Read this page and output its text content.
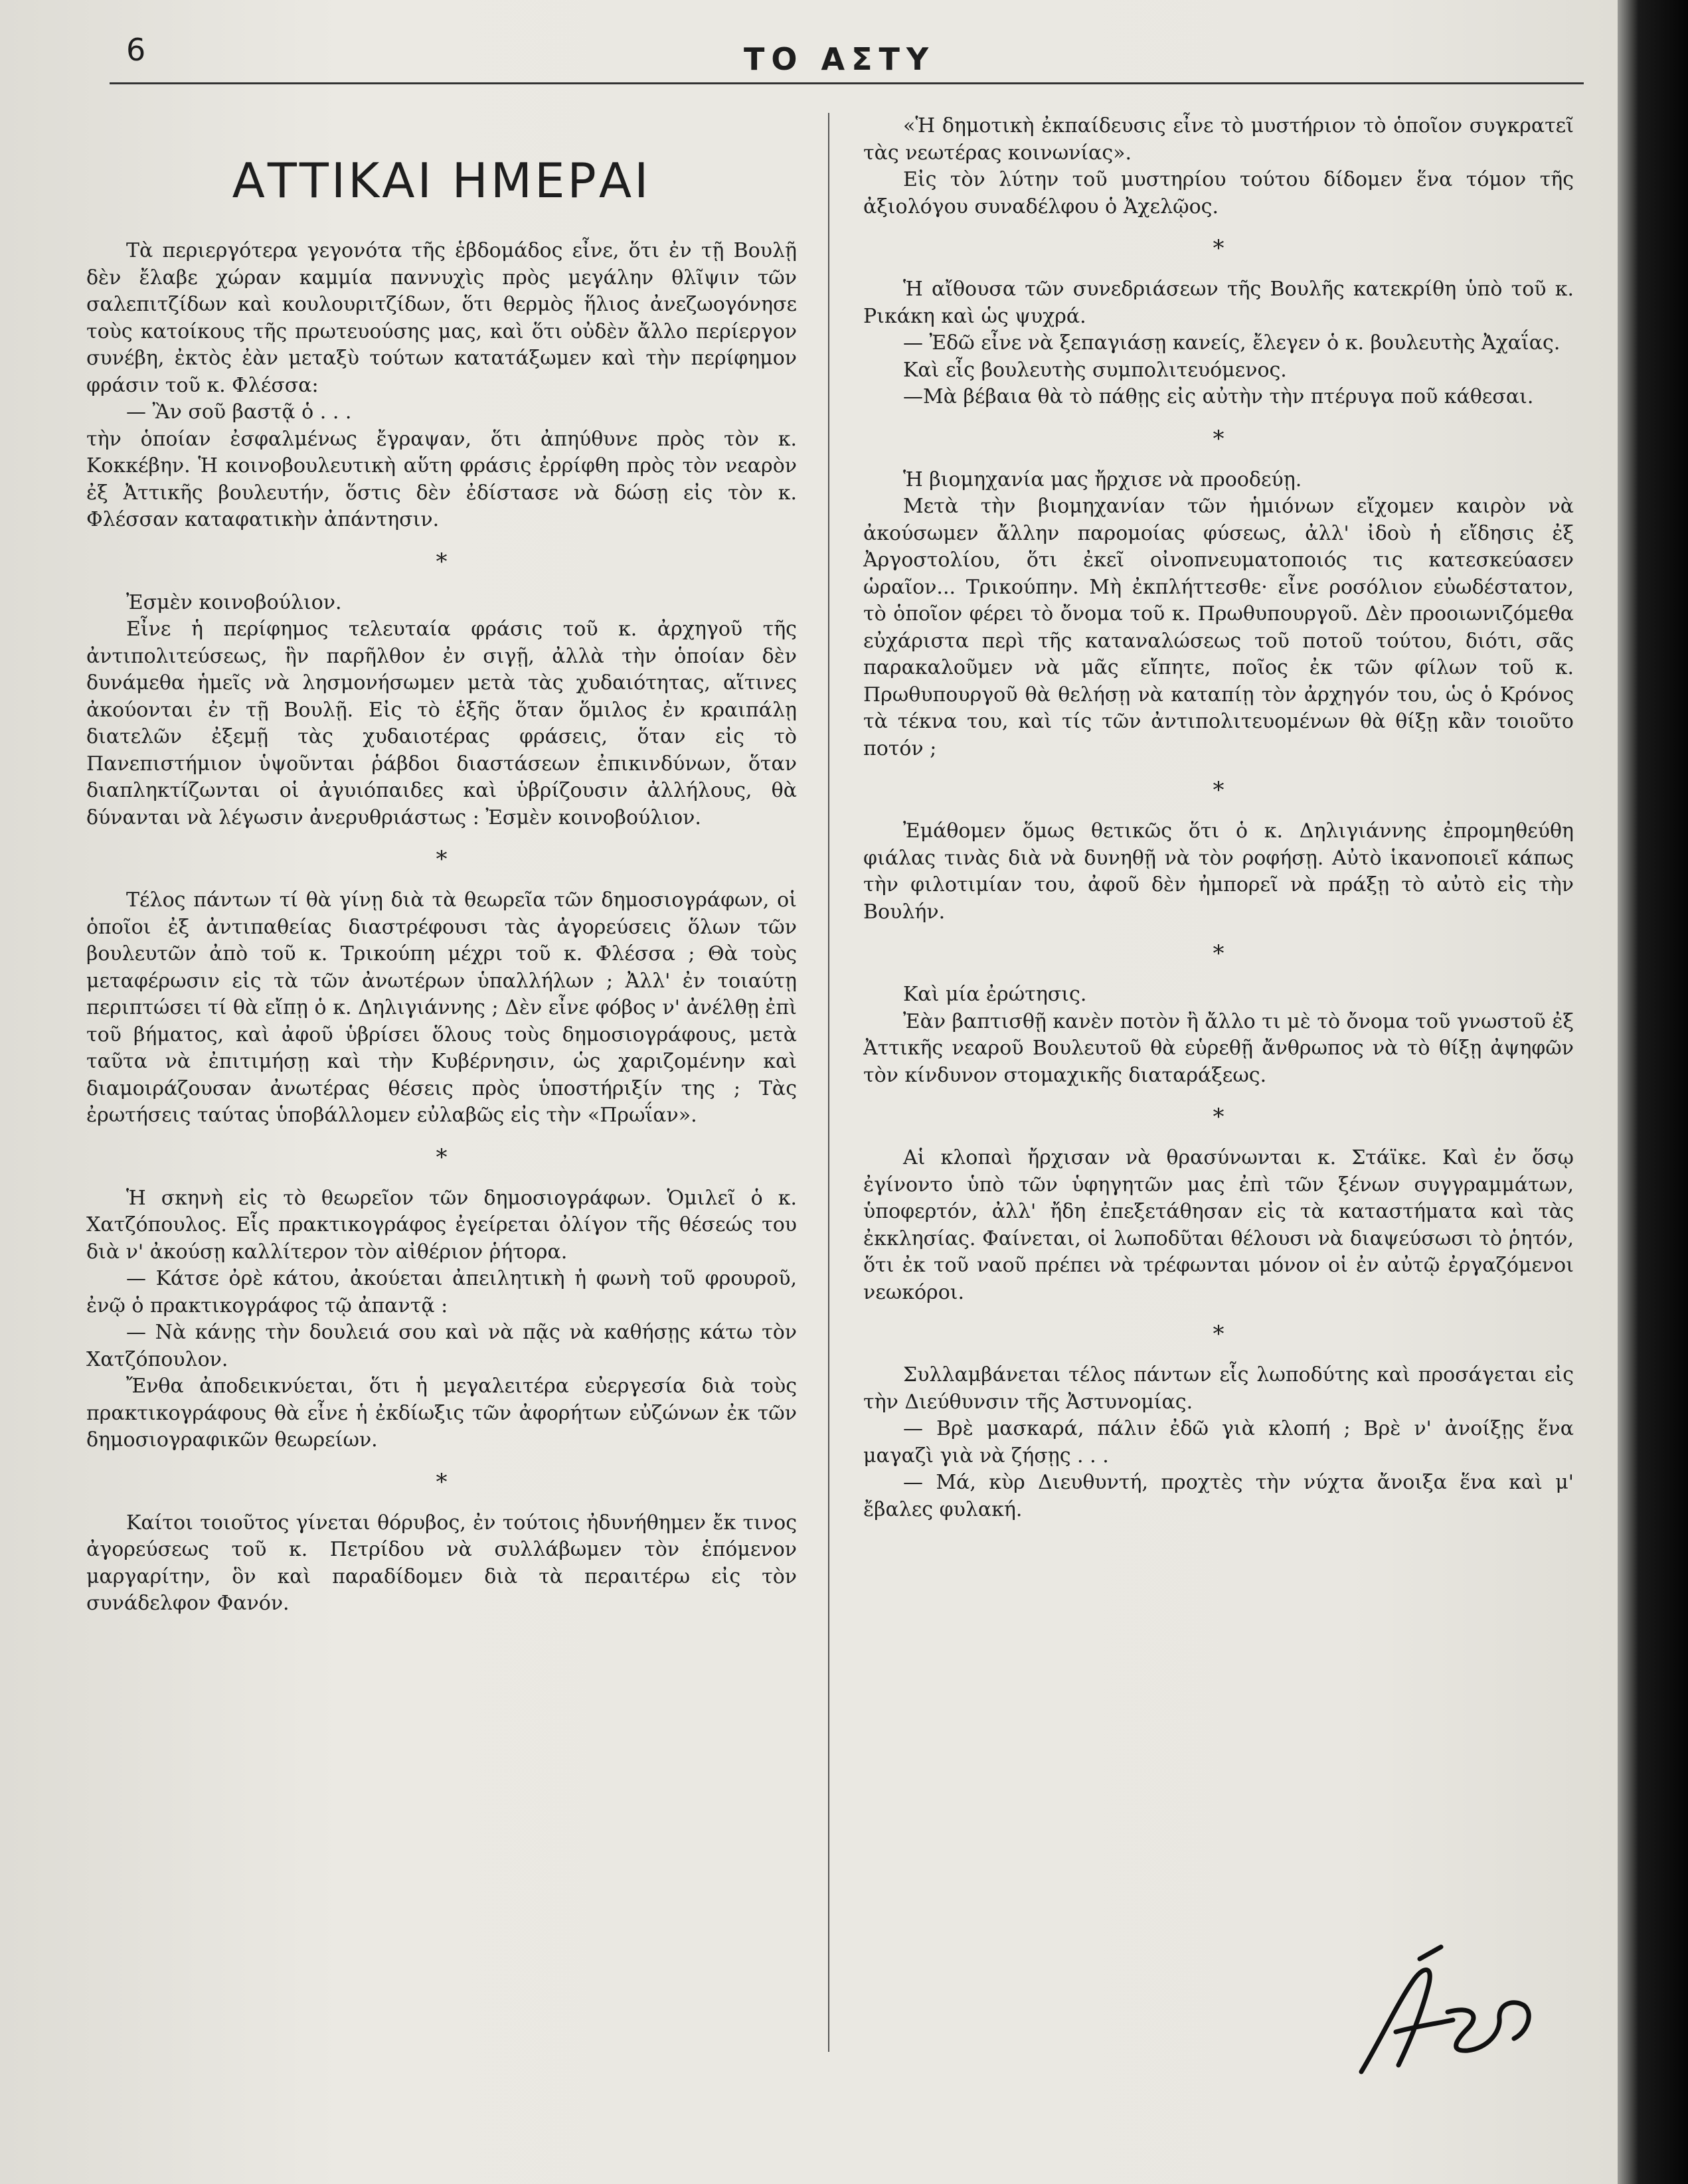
6	ΤΟ ΑΣΤΥ
ΑΤΤΙΚΑΙ ΗΜΕΡΑΙ

Τὰ περιεργότερα γεγονότα τῆς ἑβδομάδος εἶνε, ὅτι ἐν τῇ Βουλῇ δὲν ἔλαβε χώραν καμμία παννυχὶς πρὸς μεγάλην θλῖψιν τῶν σαλεπιτζίδων καὶ κουλουριτζίδων, ὅτι θερμὸς ἥλιος ἀνεζωογόνησε τοὺς κατοίκους τῆς πρωτευούσης μας, καὶ ὅτι οὐδὲν ἄλλο περίεργον συνέβη, ἐκτὸς ἐὰν μεταξὺ τούτων κατατάξωμεν καὶ τὴν περίφημον φράσιν τοῦ κ. Φλέσσα:

— Ἂν σοῦ βαστᾷ ὁ . . .

τὴν ὁποίαν ἐσφαλμένως ἔγραψαν, ὅτι ἀπηύθυνε πρὸς τὸν κ. Κοκκέβην. Ἡ κοινοβουλευτικὴ αὕτη φράσις ἐρρίφθη πρὸς τὸν νεαρὸν ἐξ Ἀττικῆς βουλευτήν, ὅστις δὲν ἐδίστασε νὰ δώσῃ εἰς τὸν κ. Φλέσσαν καταφατικὴν ἀπάντησιν.

*

Ἐσμὲν κοινοβούλιον.

Εἶνε ἡ περίφημος τελευταία φράσις τοῦ κ. ἀρχηγοῦ τῆς ἀντιπολιτεύσεως, ἣν παρῆλθον ἐν σιγῇ, ἀλλὰ τὴν ὁποίαν δὲν δυνάμεθα ἡμεῖς νὰ λησμονήσωμεν μετὰ τὰς χυδαιότητας, αἵτινες ἀκούονται ἐν τῇ Βουλῇ. Εἰς τὸ ἑξῆς ὅταν ὅμιλος ἐν κραιπάλῃ διατελῶν ἐξεμῇ τὰς χυδαιοτέρας φράσεις, ὅταν εἰς τὸ Πανεπιστήμιον ὑψοῦνται ῥάβδοι διαστάσεων ἐπικινδύνων, ὅταν διαπληκτίζωνται οἱ ἀγυιόπαιδες καὶ ὑβρίζουσιν ἀλλήλους, θὰ δύνανται νὰ λέγωσιν ἀνερυθριάστως : Ἐσμὲν κοινοβούλιον.

*

Τέλος πάντων τί θὰ γίνῃ διὰ τὰ θεωρεῖα τῶν δημοσιογράφων, οἱ ὁποῖοι ἐξ ἀντιπαθείας διαστρέφουσι τὰς ἀγορεύσεις ὅλων τῶν βουλευτῶν ἀπὸ τοῦ κ. Τρικούπη μέχρι τοῦ κ. Φλέσσα ; Θὰ τοὺς μεταφέρωσιν εἰς τὰ τῶν ἀνωτέρων ὑπαλλήλων ; Ἀλλ' ἐν τοιαύτῃ περιπτώσει τί θὰ εἴπῃ ὁ κ. Δηλιγιάννης ; Δὲν εἶνε φόβος ν' ἀνέλθῃ ἐπὶ τοῦ βήματος, καὶ ἀφοῦ ὑβρίσει ὅλους τοὺς δημοσιογράφους, μετὰ ταῦτα νὰ ἐπιτιμήσῃ καὶ τὴν Κυβέρνησιν, ὡς χαριζομένην καὶ διαμοιράζουσαν ἀνωτέρας θέσεις πρὸς ὑποστήριξίν της ; Τὰς ἐρωτήσεις ταύτας ὑποβάλλομεν εὐλαβῶς εἰς τὴν «Πρωΐαν».

*

Ἡ σκηνὴ εἰς τὸ θεωρεῖον τῶν δημοσιογράφων. Ὁμιλεῖ ὁ κ. Χατζόπουλος. Εἷς πρακτικογράφος ἐγείρεται ὀλίγον τῆς θέσεώς του διὰ ν' ἀκούσῃ καλλίτερον τὸν αἰθέριον ῥήτορα.

— Κάτσε ὀρὲ κάτου, ἀκούεται ἀπειλητικὴ ἡ φωνὴ τοῦ φρουροῦ, ἐνῷ ὁ πρακτικογράφος τῷ ἀπαντᾷ :

— Νὰ κάνῃς τὴν δουλειά σου καὶ νὰ πᾷς νὰ καθήσῃς κάτω τὸν Χατζόπουλον.

Ἔνθα ἀποδεικνύεται, ὅτι ἡ μεγαλειτέρα εὐεργεσία διὰ τοὺς πρακτικογράφους θὰ εἶνε ἡ ἐκδίωξις τῶν ἀφορήτων εὐζώνων ἐκ τῶν δημοσιογραφικῶν θεωρείων.

*

Καίτοι τοιοῦτος γίνεται θόρυβος, ἐν τούτοις ἠδυνήθημεν ἔκ τινος ἀγορεύσεως τοῦ κ. Πετρίδου νὰ συλλάβωμεν τὸν ἑπόμενον μαργαρίτην, ὃν καὶ παραδίδομεν διὰ τὰ περαιτέρω εἰς τὸν συνάδελφον Φανόν.

«Ἡ δημοτικὴ ἐκπαίδευσις εἶνε τὸ μυστήριον τὸ ὁποῖον συγκρατεῖ τὰς νεωτέρας κοινωνίας».

Εἰς τὸν λύτην τοῦ μυστηρίου τούτου δίδομεν ἕνα τόμον τῆς ἀξιολόγου συναδέλφου ὁ Ἀχελῷος.

*

Ἡ αἴθουσα τῶν συνεδριάσεων τῆς Βουλῆς κατεκρίθη ὑπὸ τοῦ κ. Ρικάκη καὶ ὡς ψυχρά.

— Ἐδῶ εἶνε νὰ ξεπαγιάσῃ κανείς, ἔλεγεν ὁ κ. βουλευτὴς Ἀχαΐας.

Καὶ εἷς βουλευτὴς συμπολιτευόμενος.

—Μὰ βέβαια θὰ τὸ πάθῃς εἰς αὐτὴν τὴν πτέρυγα ποῦ κάθεσαι.

*

Ἡ βιομηχανία μας ἤρχισε νὰ προοδεύῃ.

Μετὰ τὴν βιομηχανίαν τῶν ἡμιόνων εἴχομεν καιρὸν νὰ ἀκούσωμεν ἄλλην παρομοίας φύσεως, ἀλλ' ἰδοὺ ἡ εἴδησις ἐξ Ἀργοστολίου, ὅτι ἐκεῖ οἰνοπνευματοποιός τις κατεσκεύασεν ὡραῖον... Τρικούπην. Μὴ ἐκπλήττεσθε· εἶνε ροσόλιον εὐωδέστατον, τὸ ὁποῖον φέρει τὸ ὄνομα τοῦ κ. Πρωθυπουργοῦ. Δὲν προοιωνιζόμεθα εὐχάριστα περὶ τῆς καταναλώσεως τοῦ ποτοῦ τούτου, διότι, σᾶς παρακαλοῦμεν νὰ μᾶς εἴπητε, ποῖος ἐκ τῶν φίλων τοῦ κ. Πρωθυπουργοῦ θὰ θελήσῃ νὰ καταπίῃ τὸν ἀρχηγόν του, ὡς ὁ Κρόνος τὰ τέκνα του, καὶ τίς τῶν ἀντιπολιτευομένων θὰ θίξῃ κἂν τοιοῦτο ποτόν ;

*

Ἐμάθομεν ὅμως θετικῶς ὅτι ὁ κ. Δηλιγιάννης ἐπρομηθεύθη φιάλας τινὰς διὰ νὰ δυνηθῇ νὰ τὸν ροφήσῃ. Αὐτὸ ἱκανοποιεῖ κάπως τὴν φιλοτιμίαν του, ἀφοῦ δὲν ἠμπορεῖ νὰ πράξῃ τὸ αὐτὸ εἰς τὴν Βουλήν.

*

Καὶ μία ἐρώτησις.

Ἐὰν βαπτισθῇ κανὲν ποτὸν ἢ ἄλλο τι μὲ τὸ ὄνομα τοῦ γνωστοῦ ἐξ Ἀττικῆς νεαροῦ Βουλευτοῦ θὰ εὑρεθῇ ἄνθρωπος νὰ τὸ θίξῃ ἀψηφῶν τὸν κίνδυνον στομαχικῆς διαταράξεως.

*

Αἱ κλοπαὶ ἤρχισαν νὰ θρασύνωνται κ. Στάϊκε. Καὶ ἐν ὅσῳ ἐγίνοντο ὑπὸ τῶν ὑφηγητῶν μας ἐπὶ τῶν ξένων συγγραμμάτων, ὑποφερτόν, ἀλλ' ἤδη ἐπεξετάθησαν εἰς τὰ καταστήματα καὶ τὰς ἐκκλησίας. Φαίνεται, οἱ λωποδῦται θέλουσι νὰ διαψεύσωσι τὸ ῥητόν, ὅτι ἐκ τοῦ ναοῦ πρέπει νὰ τρέφωνται μόνον οἱ ἐν αὐτῷ ἐργαζόμενοι νεωκόροι.

*

Συλλαμβάνεται τέλος πάντων εἷς λωποδύτης καὶ προσάγεται εἰς τὴν Διεύθυνσιν τῆς Ἀστυνομίας.

— Βρὲ μασκαρά, πάλιν ἐδῶ γιὰ κλοπή ; Βρὲ ν' ἀνοίξῃς ἕνα μαγαζὶ γιὰ νὰ ζήσῃς . . .

— Μά, κὺρ Διευθυντή, προχτὲς τὴν νύχτα ἄνοιξα ἕνα καὶ μ' ἔβαλες φυλακή.
